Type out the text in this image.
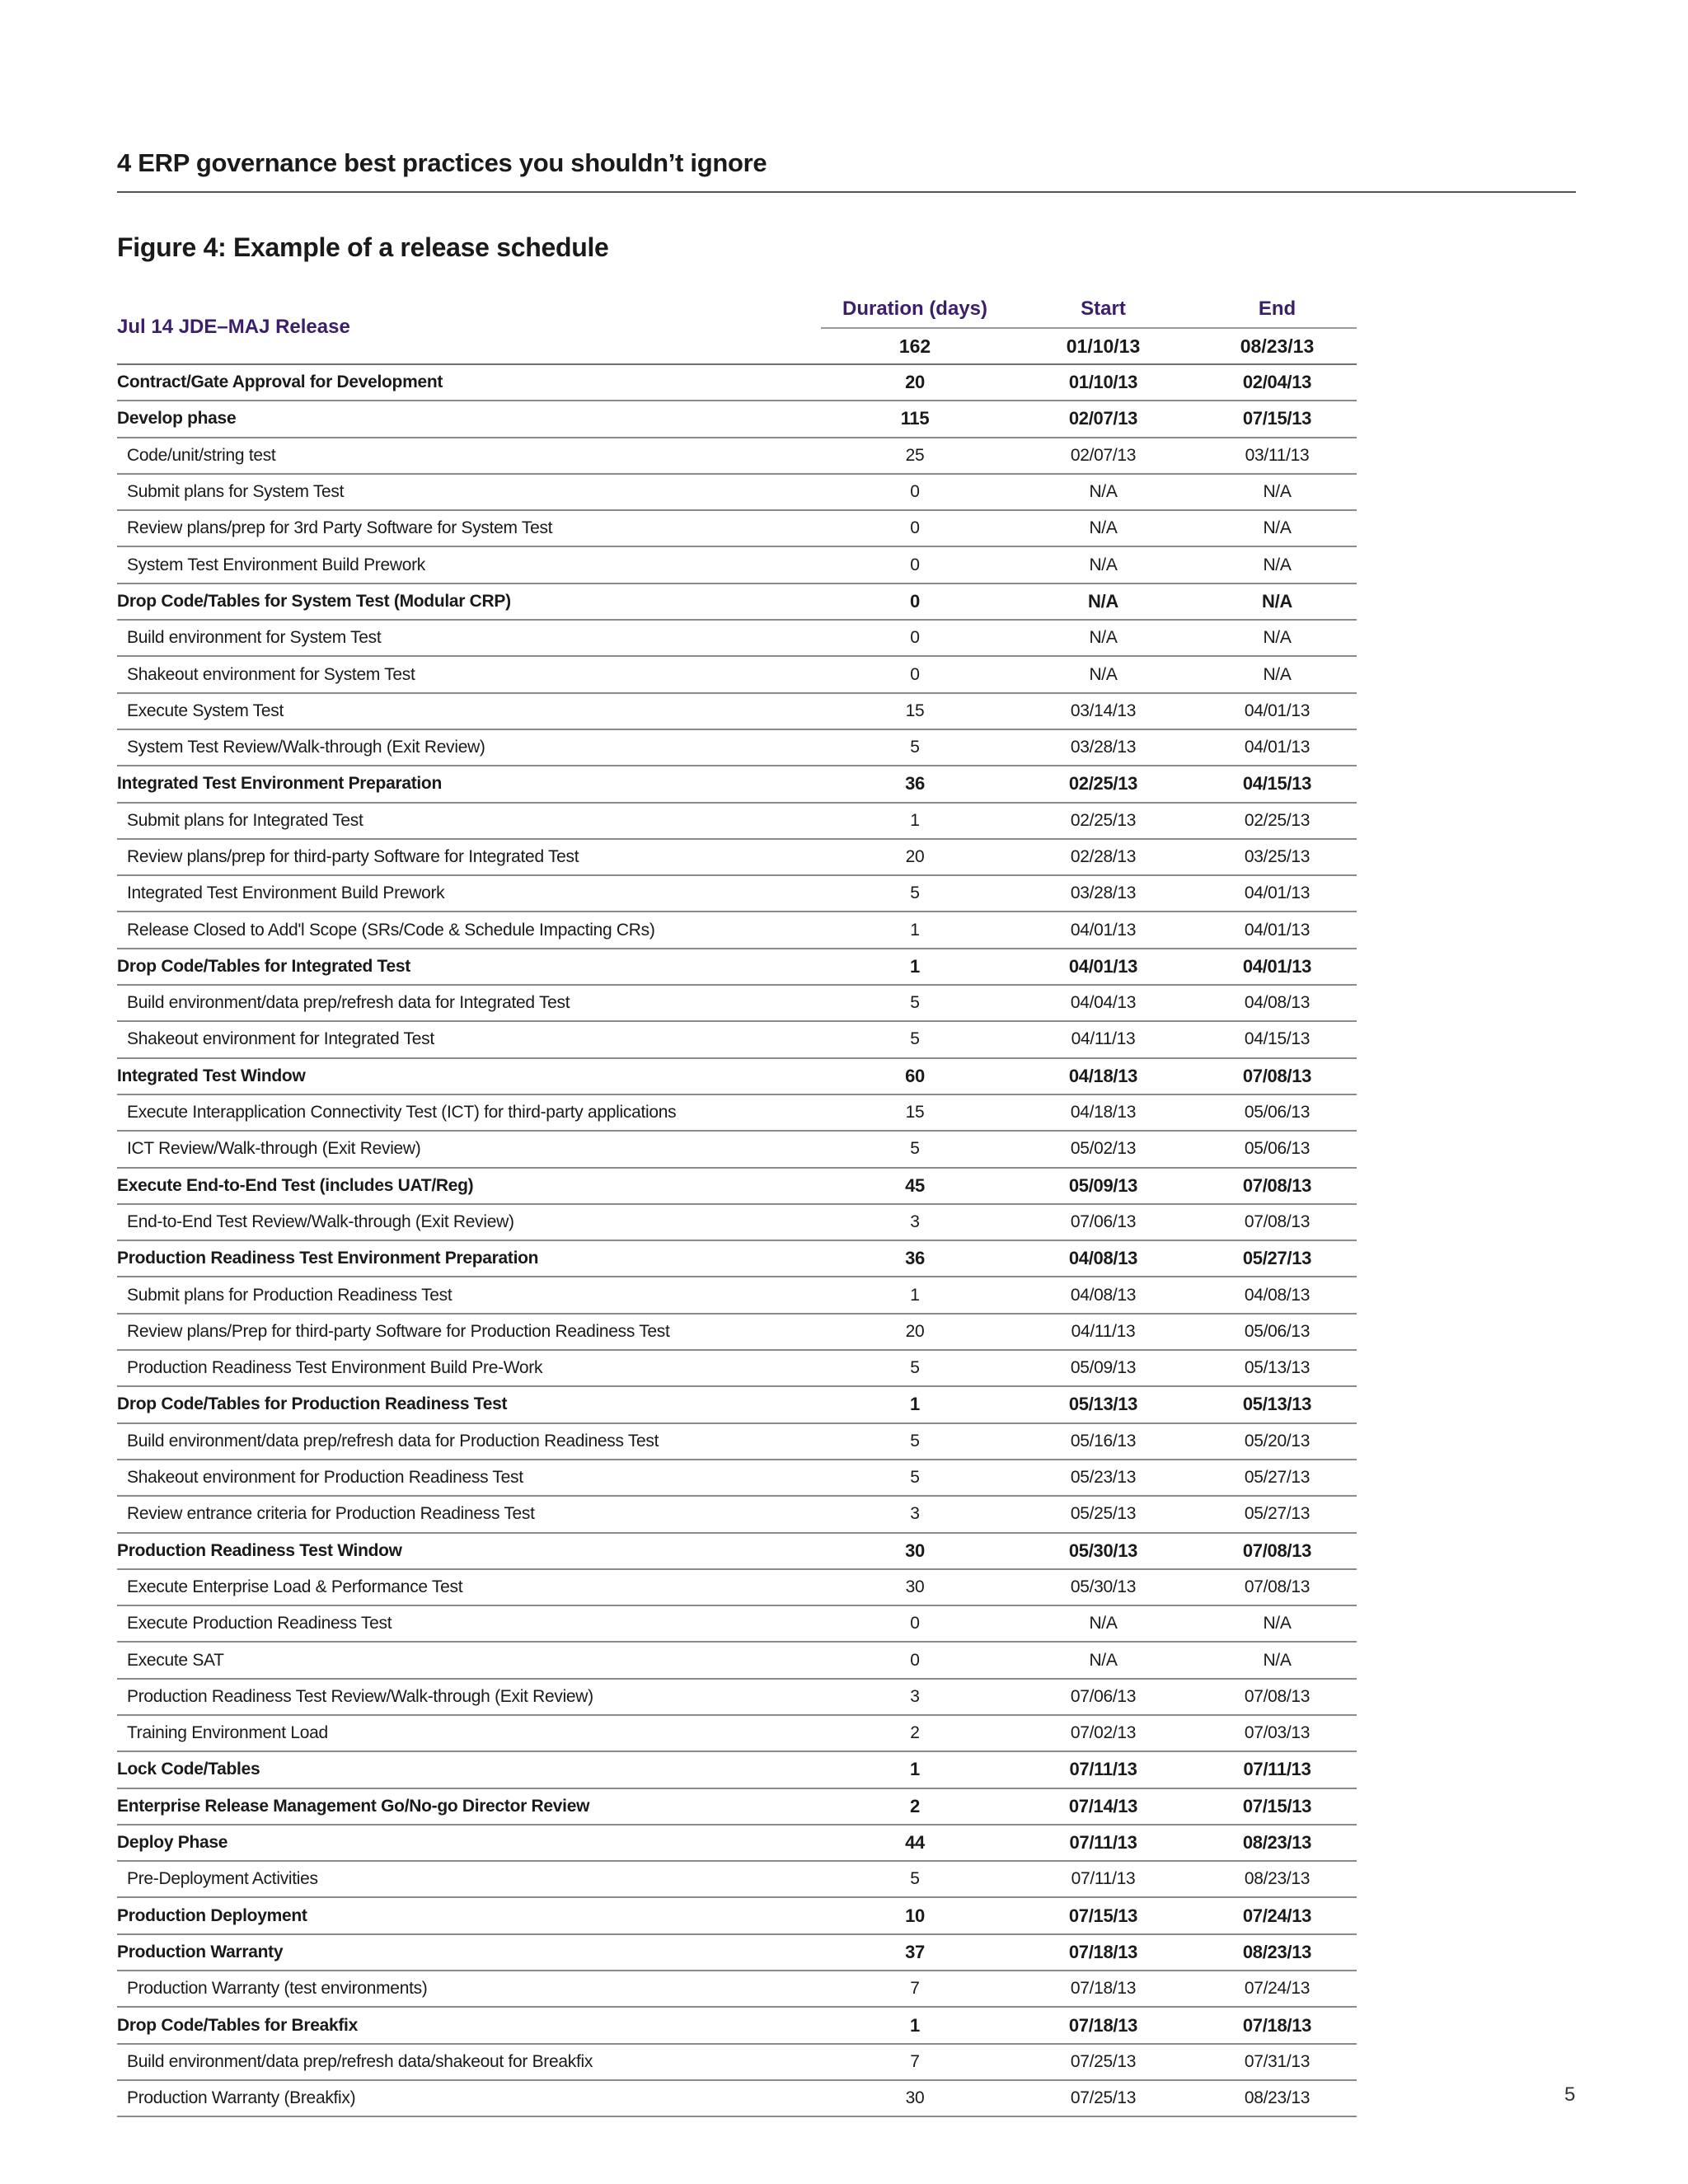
4 ERP governance best practices you shouldn’t ignore
Figure 4: Example of a release schedule
Jul 14 JDE–MAJ Release	Duration (days)	Start	End
	162	01/10/13	08/23/13
Contract/Gate Approval for Development	20	01/10/13	02/04/13
Develop phase	115	02/07/13	07/15/13
Code/unit/string test	25	02/07/13	03/11/13
Submit plans for System Test	0	N/A	N/A
Review plans/prep for 3rd Party Software for System Test	0	N/A	N/A
System Test Environment Build Prework	0	N/A	N/A
Drop Code/Tables for System Test (Modular CRP)	0	N/A	N/A
Build environment for System Test	0	N/A	N/A
Shakeout environment for System Test	0	N/A	N/A
Execute System Test	15	03/14/13	04/01/13
System Test Review/Walk-through (Exit Review)	5	03/28/13	04/01/13
Integrated Test Environment Preparation	36	02/25/13	04/15/13
Submit plans for Integrated Test	1	02/25/13	02/25/13
Review plans/prep for third-party Software for Integrated Test	20	02/28/13	03/25/13
Integrated Test Environment Build Prework	5	03/28/13	04/01/13
Release Closed to Add'l Scope (SRs/Code & Schedule Impacting CRs)	1	04/01/13	04/01/13
Drop Code/Tables for Integrated Test	1	04/01/13	04/01/13
Build environment/data prep/refresh data for Integrated Test	5	04/04/13	04/08/13
Shakeout environment for Integrated Test	5	04/11/13	04/15/13
Integrated Test Window	60	04/18/13	07/08/13
Execute Interapplication Connectivity Test (ICT) for third-party applications	15	04/18/13	05/06/13
ICT Review/Walk-through (Exit Review)	5	05/02/13	05/06/13
Execute End-to-End Test (includes UAT/Reg)	45	05/09/13	07/08/13
End-to-End Test Review/Walk-through (Exit Review)	3	07/06/13	07/08/13
Production Readiness Test Environment Preparation	36	04/08/13	05/27/13
Submit plans for Production Readiness Test	1	04/08/13	04/08/13
Review plans/Prep for third-party Software for Production Readiness Test	20	04/11/13	05/06/13
Production Readiness Test Environment Build Pre-Work	5	05/09/13	05/13/13
Drop Code/Tables for Production Readiness Test	1	05/13/13	05/13/13
Build environment/data prep/refresh data for Production Readiness Test	5	05/16/13	05/20/13
Shakeout environment for Production Readiness Test	5	05/23/13	05/27/13
Review entrance criteria for Production Readiness Test	3	05/25/13	05/27/13
Production Readiness Test Window	30	05/30/13	07/08/13
Execute Enterprise Load & Performance Test	30	05/30/13	07/08/13
Execute Production Readiness Test	0	N/A	N/A
Execute SAT	0	N/A	N/A
Production Readiness Test Review/Walk-through (Exit Review)	3	07/06/13	07/08/13
Training Environment Load	2	07/02/13	07/03/13
Lock Code/Tables	1	07/11/13	07/11/13
Enterprise Release Management Go/No-go Director Review	2	07/14/13	07/15/13
Deploy Phase	44	07/11/13	08/23/13
Pre-Deployment Activities	5	07/11/13	08/23/13
Production Deployment	10	07/15/13	07/24/13
Production Warranty	37	07/18/13	08/23/13
Production Warranty (test environments)	7	07/18/13	07/24/13
Drop Code/Tables for Breakfix	1	07/18/13	07/18/13
Build environment/data prep/refresh data/shakeout for Breakfix	7	07/25/13	07/31/13
Production Warranty (Breakfix)	30	07/25/13	08/23/13	5
